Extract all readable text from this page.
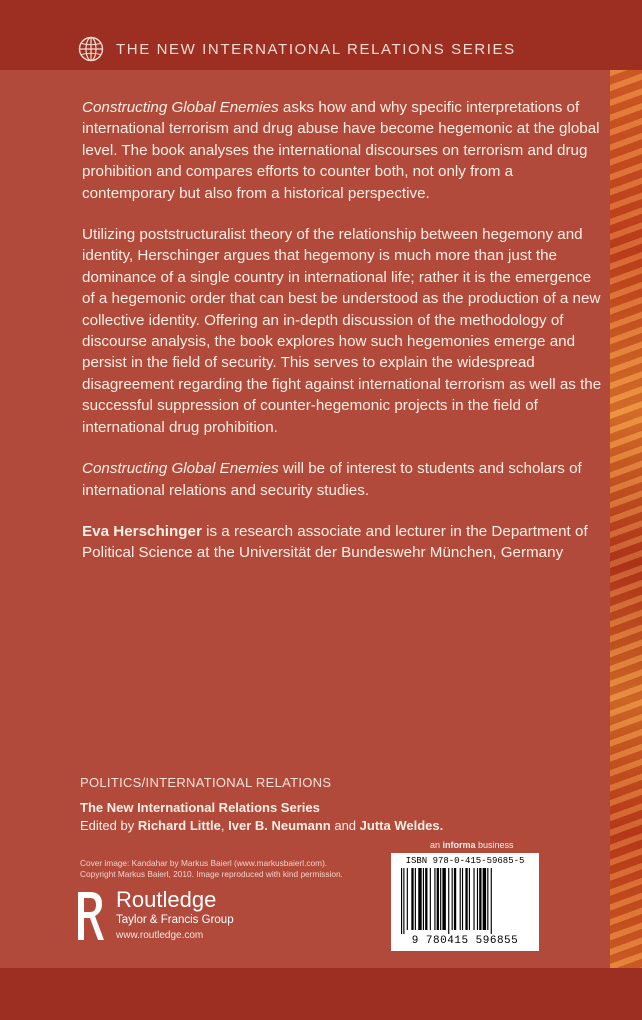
THE NEW INTERNATIONAL RELATIONS SERIES

Constructing Global Enemies asks how and why specific interpretations of international terrorism and drug abuse have become hegemonic at the global level. The book analyses the international discourses on terrorism and drug prohibition and compares efforts to counter both, not only from a contemporary but also from a historical perspective.

Utilizing poststructuralist theory of the relationship between hegemony and identity, Herschinger argues that hegemony is much more than just the dominance of a single country in international life; rather it is the emergence of a hegemonic order that can best be understood as the production of a new collective identity. Offering an in-depth discussion of the methodology of discourse analysis, the book explores how such hegemonies emerge and persist in the field of security. This serves to explain the widespread disagreement regarding the fight against international terrorism as well as the successful suppression of counter-hegemonic projects in the field of international drug prohibition.

Constructing Global Enemies will be of interest to students and scholars of international relations and security studies.

Eva Herschinger is a research associate and lecturer in the Department of Political Science at the Universität der Bundeswehr München, Germany

POLITICS/INTERNATIONAL RELATIONS
The New International Relations Series
Edited by Richard Little, Iver B. Neumann and Jutta Weldes.
Cover image: Kandahar by Markus Baierl (www.markusbaierl.com).
Copyright Markus Baierl, 2010. Image reproduced with kind permission.
Routledge
Taylor & Francis Group
www.routledge.com
an informa business
ISBN 978-0-415-59685-5
9 780415 596855
